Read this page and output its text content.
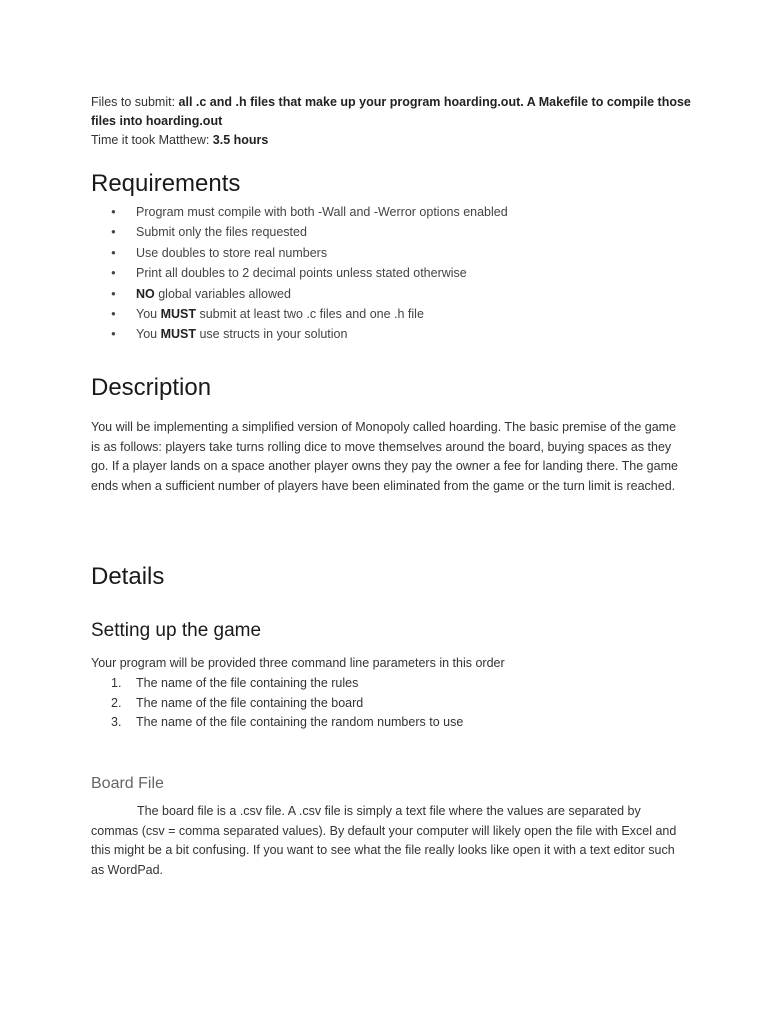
Files to submit: all .c and .h files that make up your program hoarding.out. A Makefile to compile those files into hoarding.out
Time it took Matthew: 3.5 hours
Requirements
● Program must compile with both -Wall and -Werror options enabled
● Submit only the files requested
● Use doubles to store real numbers
● Print all doubles to 2 decimal points unless stated otherwise
● NO global variables allowed
● You MUST submit at least two .c files and one .h file
● You MUST use structs in your solution
Description

You will be implementing a simplified version of Monopoly called hoarding. The basic premise of the game is as follows: players take turns rolling dice to move themselves around the board, buying spaces as they go. If a player lands on a space another player owns they pay the owner a fee for landing there. The game ends when a sufficient number of players have been eliminated from the game or the turn limit is reached.

Details
Setting up the game

Your program will be provided three command line parameters in this order

1. The name of the file containing the rules
2. The name of the file containing the board
3. The name of the file containing the random numbers to use
Board File

The board file is a .csv file. A .csv file is simply a text file where the values are separated by commas (csv = comma separated values). By default your computer will likely open the file with Excel and this might be a bit confusing. If you want to see what the file really looks like open it with a text editor such as WordPad.
